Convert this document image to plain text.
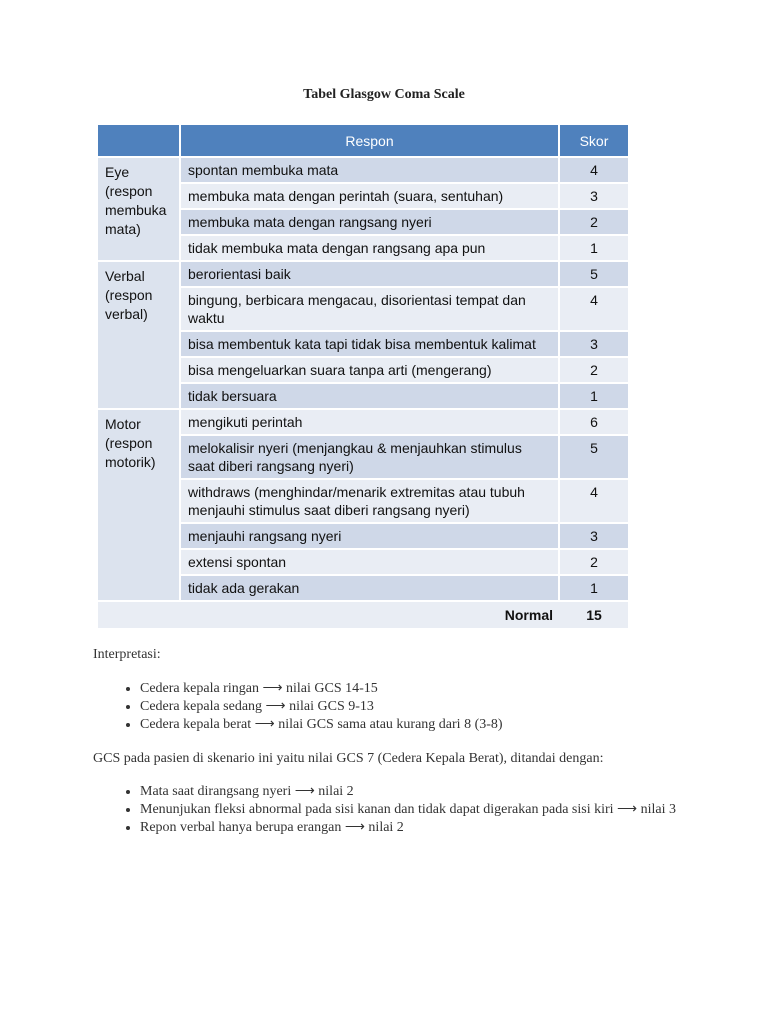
Tabel Glasgow Coma Scale
	Respon	Skor
Eye (respon membuka mata)	spontan membuka mata	4
	membuka mata dengan perintah (suara, sentuhan)	3
	membuka mata dengan rangsang nyeri	2
	tidak membuka mata dengan rangsang apa pun	1
Verbal (respon verbal)	berorientasi baik	5
	bingung, berbicara mengacau, disorientasi tempat dan waktu	4
	bisa membentuk kata tapi tidak bisa membentuk kalimat	3
	bisa mengeluarkan suara tanpa arti (mengerang)	2
	tidak bersuara	1
Motor (respon motorik)	mengikuti perintah	6
	melokalisir nyeri (menjangkau & menjauhkan stimulus saat diberi rangsang nyeri)	5
	withdraws (menghindar/menarik extremitas atau tubuh menjauhi stimulus saat diberi rangsang nyeri)	4
	menjauhi rangsang nyeri	3
	extensi spontan	2
	tidak ada gerakan	1
Normal		15
Interpretasi:
• Cedera kepala ringan ⟶ nilai GCS 14-15
• Cedera kepala sedang ⟶ nilai GCS 9-13
• Cedera kepala berat ⟶ nilai GCS sama atau kurang dari 8 (3-8)
GCS pada pasien di skenario ini yaitu nilai GCS 7 (Cedera Kepala Berat), ditandai dengan:
• Mata saat dirangsang nyeri ⟶ nilai 2
• Menunjukan fleksi abnormal pada sisi kanan dan tidak dapat digerakan pada sisi kiri ⟶ nilai 3
• Repon verbal hanya berupa erangan ⟶ nilai 2
